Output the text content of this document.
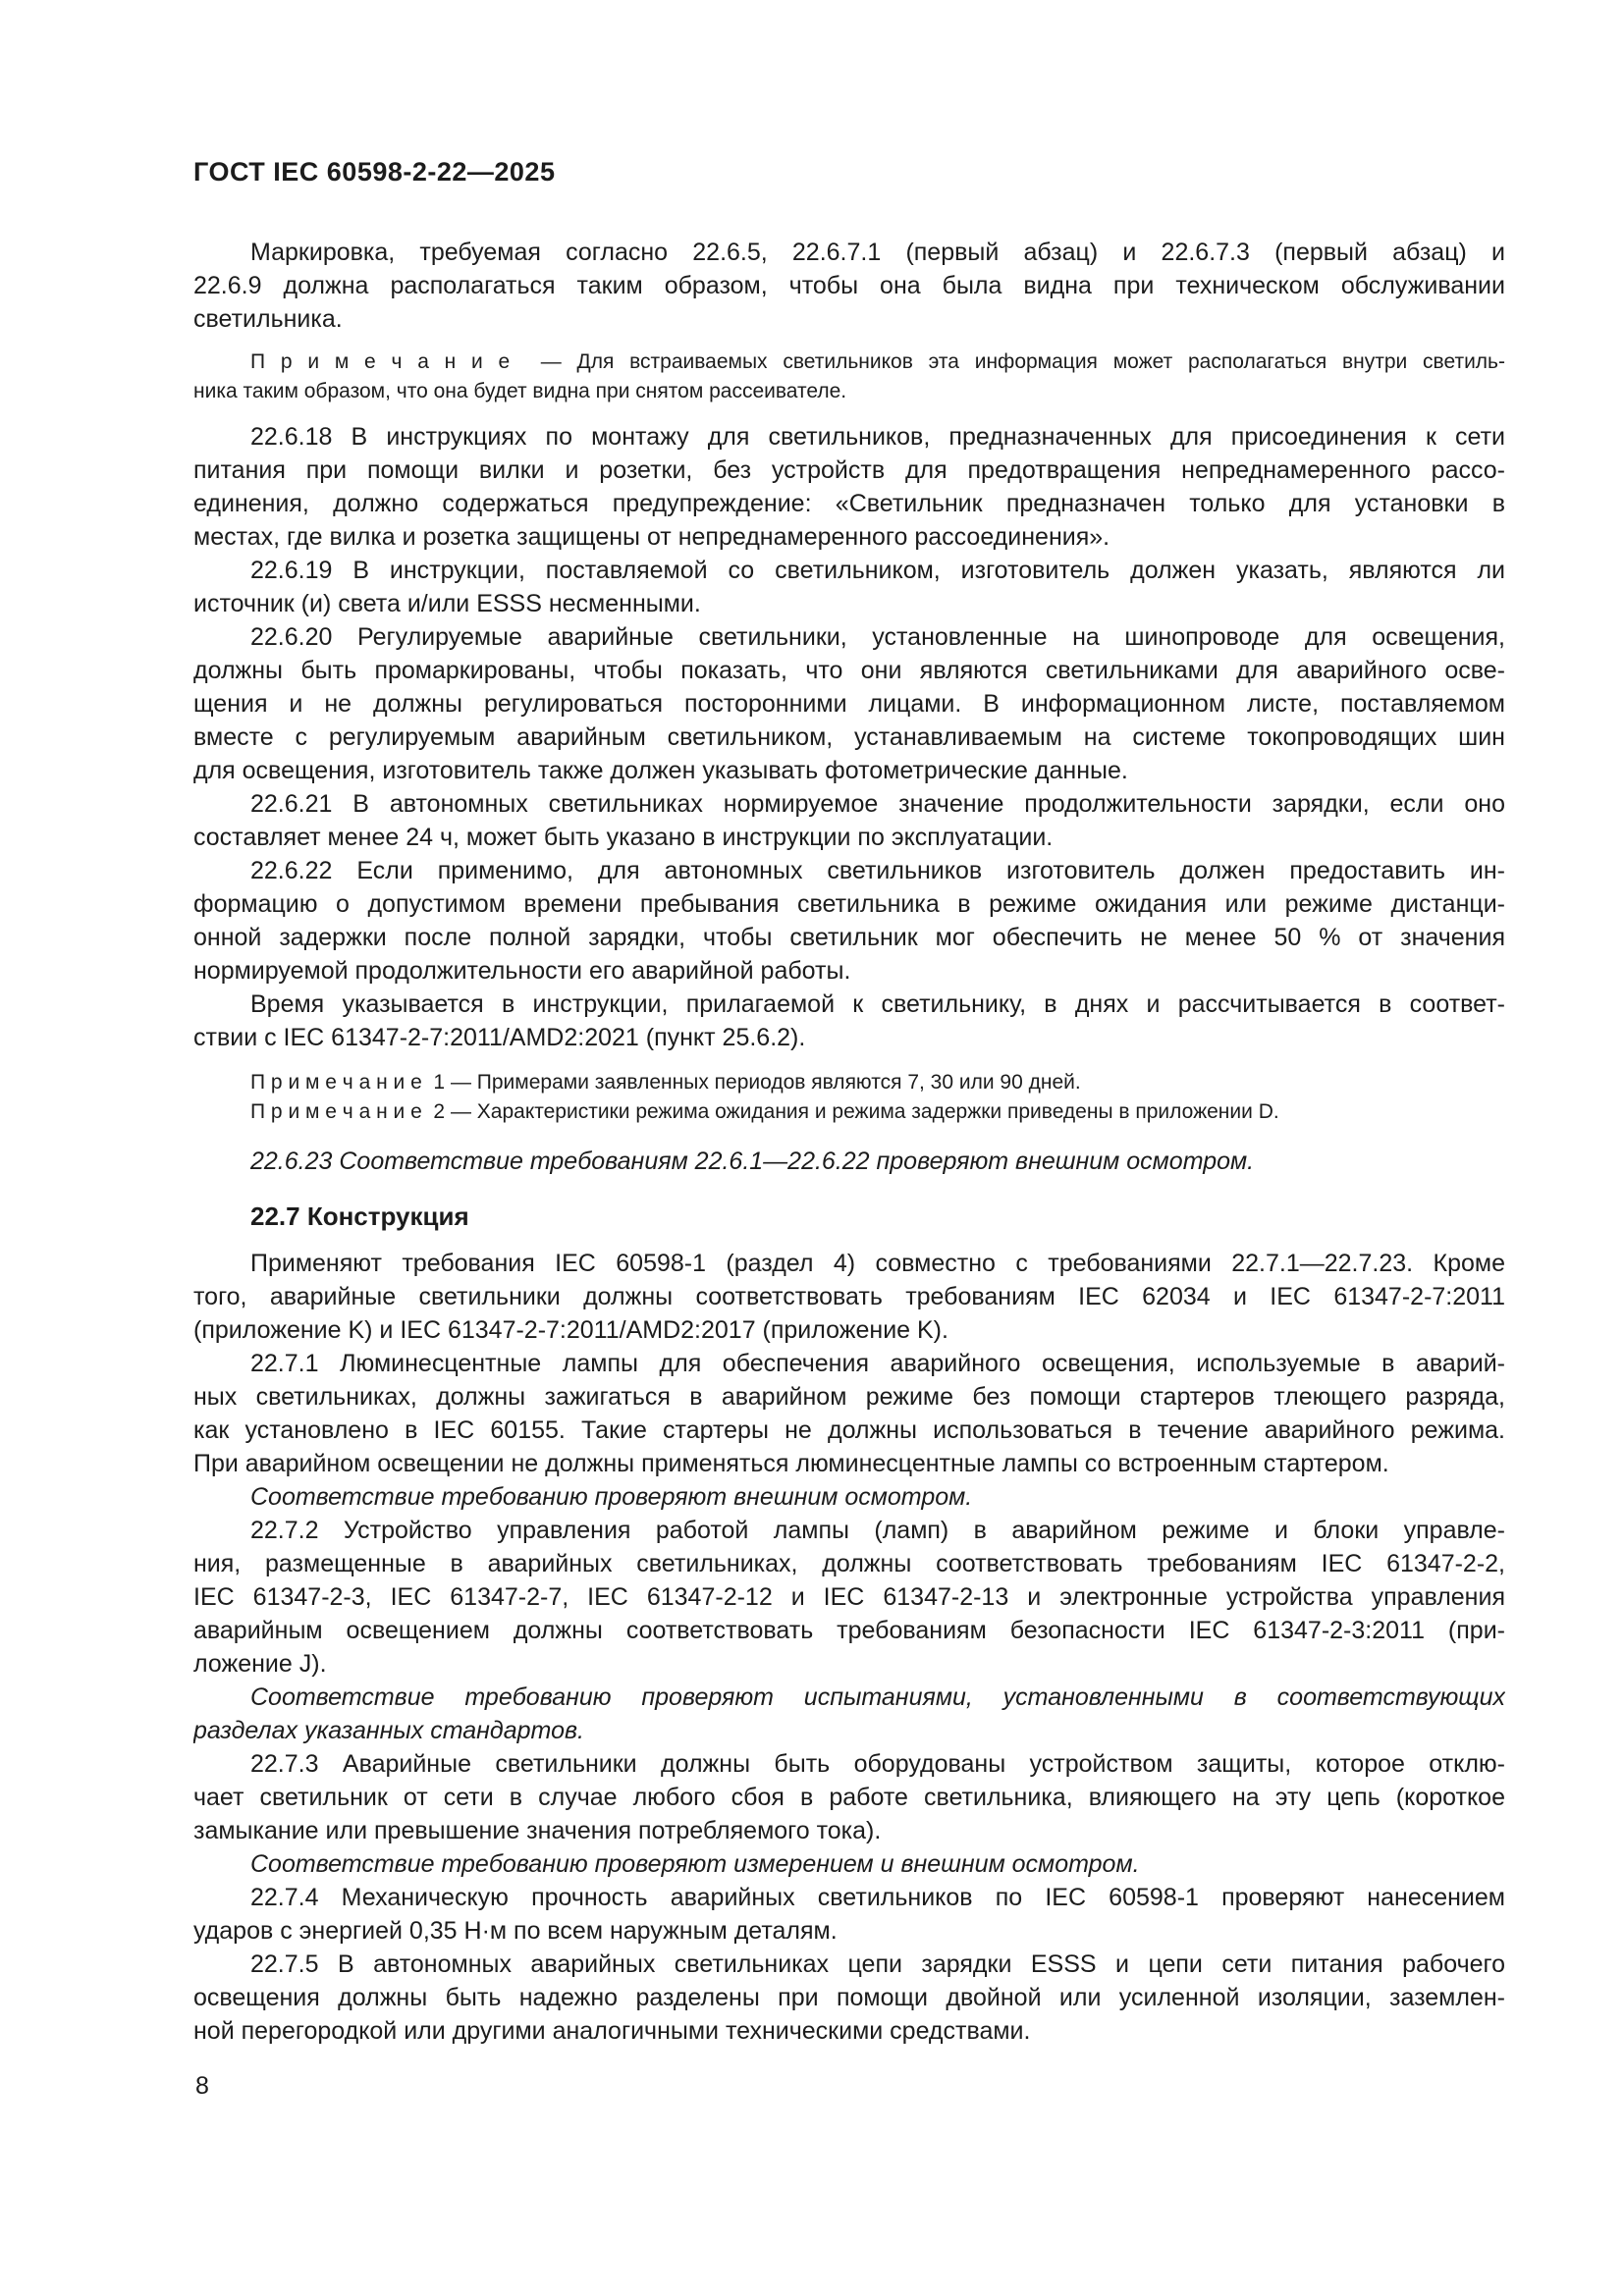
ГОСТ IEC 60598-2-22—2025
Маркировка, требуемая согласно 22.6.5, 22.6.7.1 (первый абзац) и 22.6.7.3 (первый абзац) и
22.6.9 должна располагаться таким образом, чтобы она была видна при техническом обслуживании
светильника.
П р и м е ч а н и е  — Для встраиваемых светильников эта информация может располагаться внутри светиль-
ника таким образом, что она будет видна при снятом рассеивателе.
22.6.18 В инструкциях по монтажу для светильников, предназначенных для присоединения к сети
питания при помощи вилки и розетки, без устройств для предотвращения непреднамеренного рассо-
единения, должно содержаться предупреждение: «Светильник предназначен только для установки в
местах, где вилка и розетка защищены от непреднамеренного рассоединения».
22.6.19 В инструкции, поставляемой со светильником, изготовитель должен указать, являются ли
источник (и) света и/или ESSS несменными.
22.6.20 Регулируемые аварийные светильники, установленные на шинопроводе для освещения,
должны быть промаркированы, чтобы показать, что они являются светильниками для аварийного осве-
щения и не должны регулироваться посторонними лицами. В информационном листе, поставляемом
вместе с регулируемым аварийным светильником, устанавливаемым на системе токопроводящих шин
для освещения, изготовитель также должен указывать фотометрические данные.
22.6.21 В автономных светильниках нормируемое значение продолжительности зарядки, если оно
составляет менее 24 ч, может быть указано в инструкции по эксплуатации.
22.6.22 Если применимо, для автономных светильников изготовитель должен предоставить ин-
формацию о допустимом времени пребывания светильника в режиме ожидания или режиме дистанци-
онной задержки после полной зарядки, чтобы светильник мог обеспечить не менее 50 % от значения
нормируемой продолжительности его аварийной работы.
Время указывается в инструкции, прилагаемой к светильнику, в днях и рассчитывается в соответ-
ствии с IEC 61347-2-7:2011/AMD2:2021 (пункт 25.6.2).
П р и м е ч а н и е  1 — Примерами заявленных периодов являются 7, 30 или 90 дней.
П р и м е ч а н и е  2 — Характеристики режима ожидания и режима задержки приведены в приложении D.
22.6.23 Соответствие требованиям 22.6.1—22.6.22 проверяют внешним осмотром.
22.7 Конструкция
Применяют требования IEC 60598-1 (раздел 4) совместно с требованиями 22.7.1—22.7.23. Кроме
того, аварийные светильники должны соответствовать требованиям IEC 62034 и IEC 61347-2-7:2011
(приложение K) и IEC 61347-2-7:2011/AMD2:2017 (приложение K).
22.7.1 Люминесцентные лампы для обеспечения аварийного освещения, используемые в аварий-
ных светильниках, должны зажигаться в аварийном режиме без помощи стартеров тлеющего разряда,
как установлено в IEC 60155. Такие стартеры не должны использоваться в течение аварийного режима.
При аварийном освещении не должны применяться люминесцентные лампы со встроенным стартером.
Соответствие требованию проверяют внешним осмотром.
22.7.2 Устройство управления работой лампы (ламп) в аварийном режиме и блоки управле-
ния, размещенные в аварийных светильниках, должны соответствовать требованиям IEC 61347-2-2,
IEC 61347-2-3, IEC 61347-2-7, IEC 61347-2-12 и IEC 61347-2-13 и электронные устройства управления
аварийным освещением должны соответствовать требованиям безопасности IEC 61347-2-3:2011 (при-
ложение J).
Соответствие требованию проверяют испытаниями, установленными в соответствующих
разделах указанных стандартов.
22.7.3 Аварийные светильники должны быть оборудованы устройством защиты, которое отклю-
чает светильник от сети в случае любого сбоя в работе светильника, влияющего на эту цепь (короткое
замыкание или превышение значения потребляемого тока).
Соответствие требованию проверяют измерением и внешним осмотром.
22.7.4 Механическую прочность аварийных светильников по IEC 60598-1 проверяют нанесением
ударов с энергией 0,35 Н·м по всем наружным деталям.
22.7.5 В автономных аварийных светильниках цепи зарядки ESSS и цепи сети питания рабочего
освещения должны быть надежно разделены при помощи двойной или усиленной изоляции, заземлен-
ной перегородкой или другими аналогичными техническими средствами.
8
